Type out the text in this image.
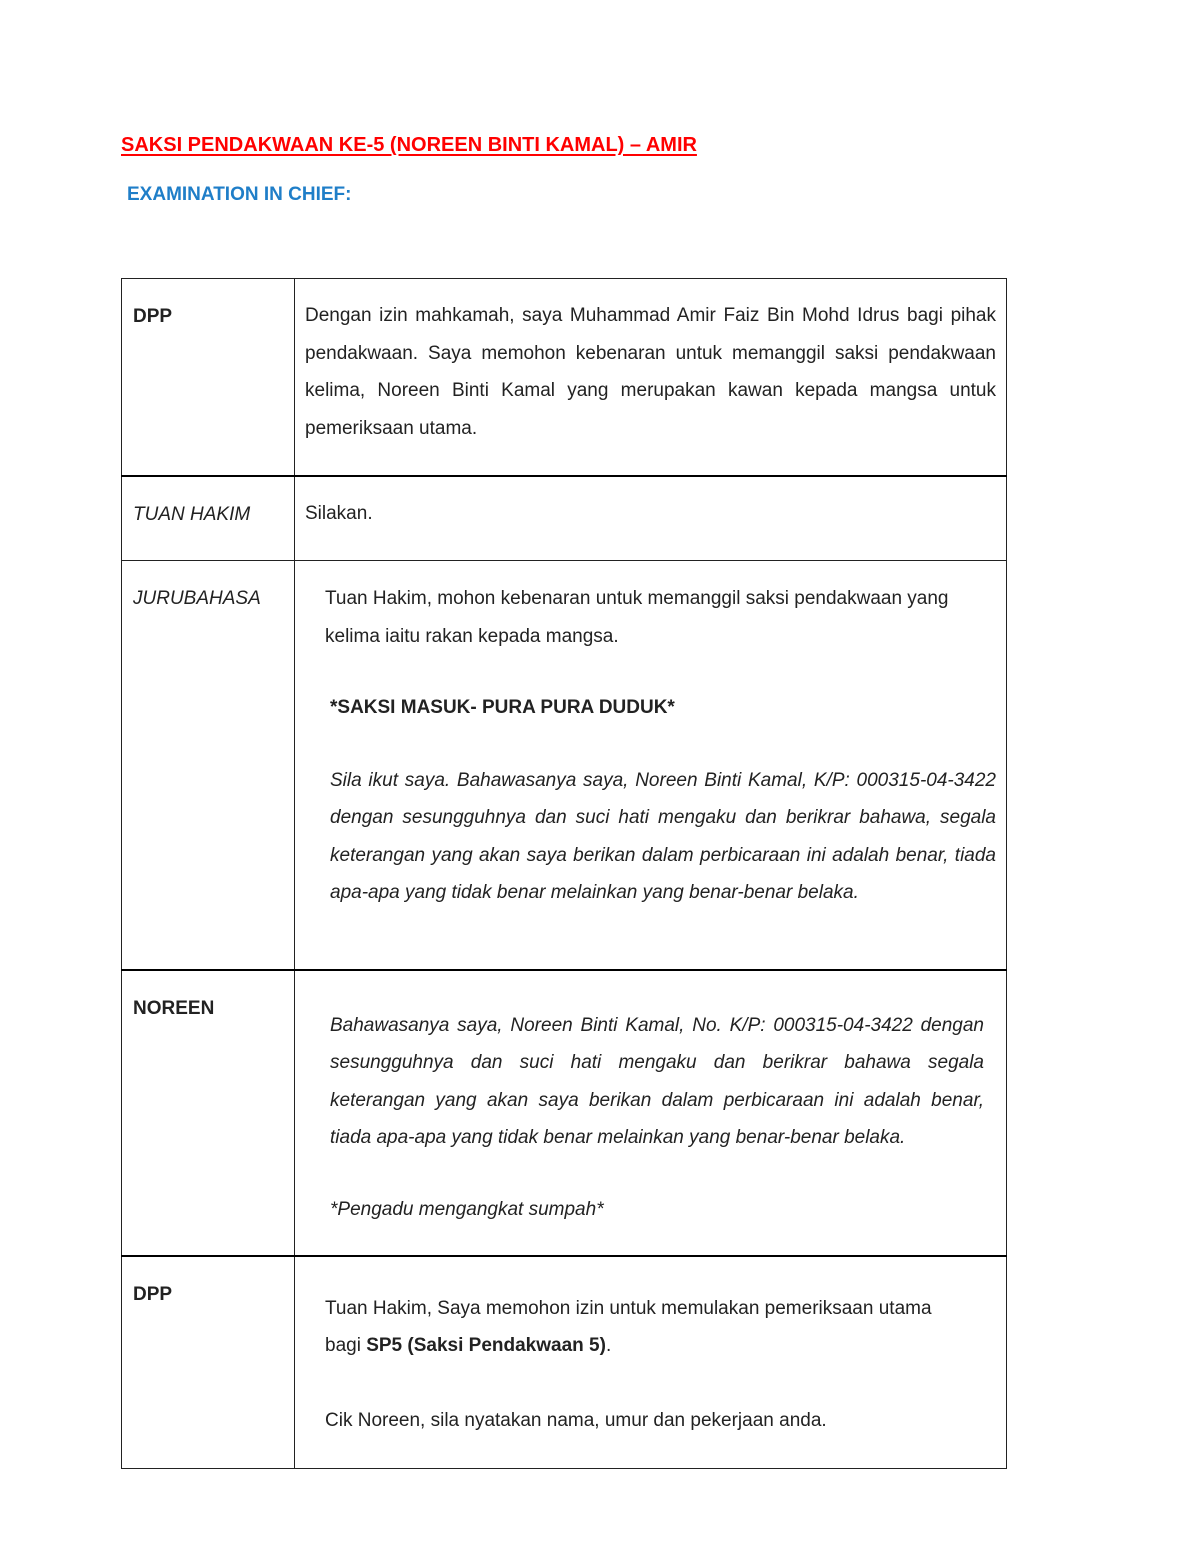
SAKSI PENDAKWAAN KE-5 (NOREEN BINTI KAMAL) – AMIR
EXAMINATION IN CHIEF:
DPP	Dengan izin mahkamah, saya Muhammad Amir Faiz Bin Mohd Idrus bagi pihak pendakwaan. Saya memohon kebenaran untuk memanggil saksi pendakwaan kelima, Noreen Binti Kamal yang merupakan kawan kepada mangsa untuk pemeriksaan utama.

TUAN HAKIM	Silakan.

JURUBAHASA	Tuan Hakim, mohon kebenaran untuk memanggil saksi pendakwaan yang kelima iaitu rakan kepada mangsa.

*SAKSI MASUK- PURA PURA DUDUK*

Sila ikut saya. Bahawasanya saya, Noreen Binti Kamal, K/P: 000315-04-3422 dengan sesungguhnya dan suci hati mengaku dan berikrar bahawa, segala keterangan yang akan saya berikan dalam perbicaraan ini adalah benar, tiada apa-apa yang tidak benar melainkan yang benar-benar belaka.

NOREEN	Bahawasanya saya, Noreen Binti Kamal, No. K/P: 000315-04-3422 dengan sesungguhnya dan suci hati mengaku dan berikrar bahawa segala keterangan yang akan saya berikan dalam perbicaraan ini adalah benar, tiada apa-apa yang tidak benar melainkan yang benar-benar belaka.

*Pengadu mengangkat sumpah*

DPP	Tuan Hakim, Saya memohon izin untuk memulakan pemeriksaan utama bagi SP5 (Saksi Pendakwaan 5).

Cik Noreen, sila nyatakan nama, umur dan pekerjaan anda.
